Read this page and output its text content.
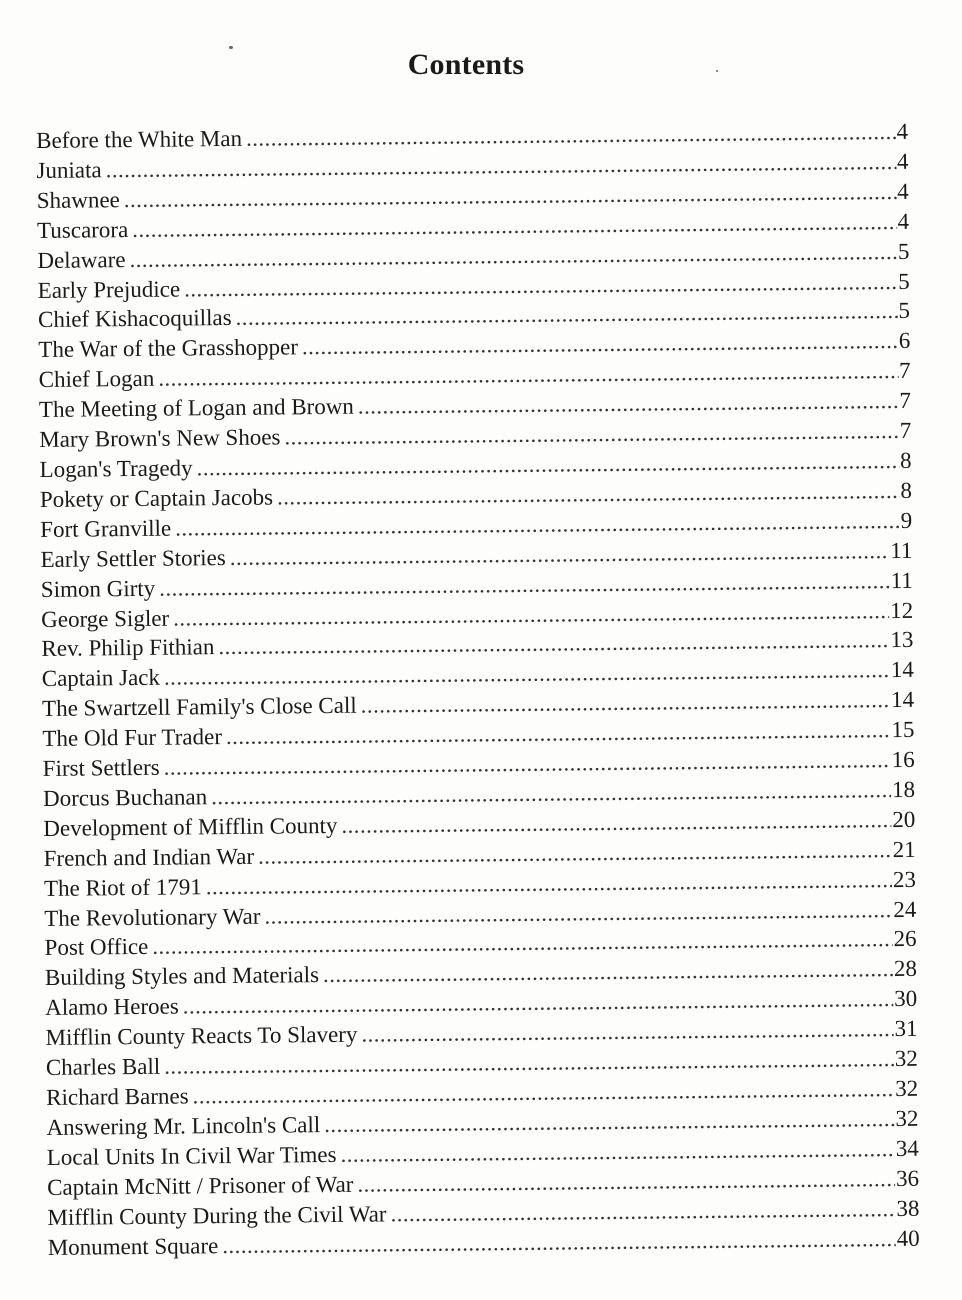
Contents
Before the White Man .....	4
Juniata .....	4
Shawnee .....	4
Tuscarora .....	4
Delaware .....	5
Early Prejudice .....	5
Chief Kishacoquillas .....	5
The War of the Grasshopper .....	6
Chief Logan .....	7
The Meeting of Logan and Brown .....	7
Mary Brown's New Shoes .....	7
Logan's Tragedy .....	8
Pokety or Captain Jacobs .....	8
Fort Granville .....	9
Early Settler Stories .....	11
Simon Girty .....	11
George Sigler .....	12
Rev. Philip Fithian .....	13
Captain Jack .....	14
The Swartzell Family's Close Call .....	14
The Old Fur Trader .....	15
First Settlers .....	16
Dorcus Buchanan .....	18
Development of Mifflin County .....	20
French and Indian War .....	21
The Riot of 1791 .....	23
The Revolutionary War .....	24
Post Office .....	26
Building Styles and Materials .....	28
Alamo Heroes .....	30
Mifflin County Reacts To Slavery .....	31
Charles Ball .....	32
Richard Barnes .....	32
Answering Mr. Lincoln's Call .....	32
Local Units In Civil War Times .....	34
Captain McNitt / Prisoner of War .....	36
Mifflin County During the Civil War .....	38
Monument Square .....	40
